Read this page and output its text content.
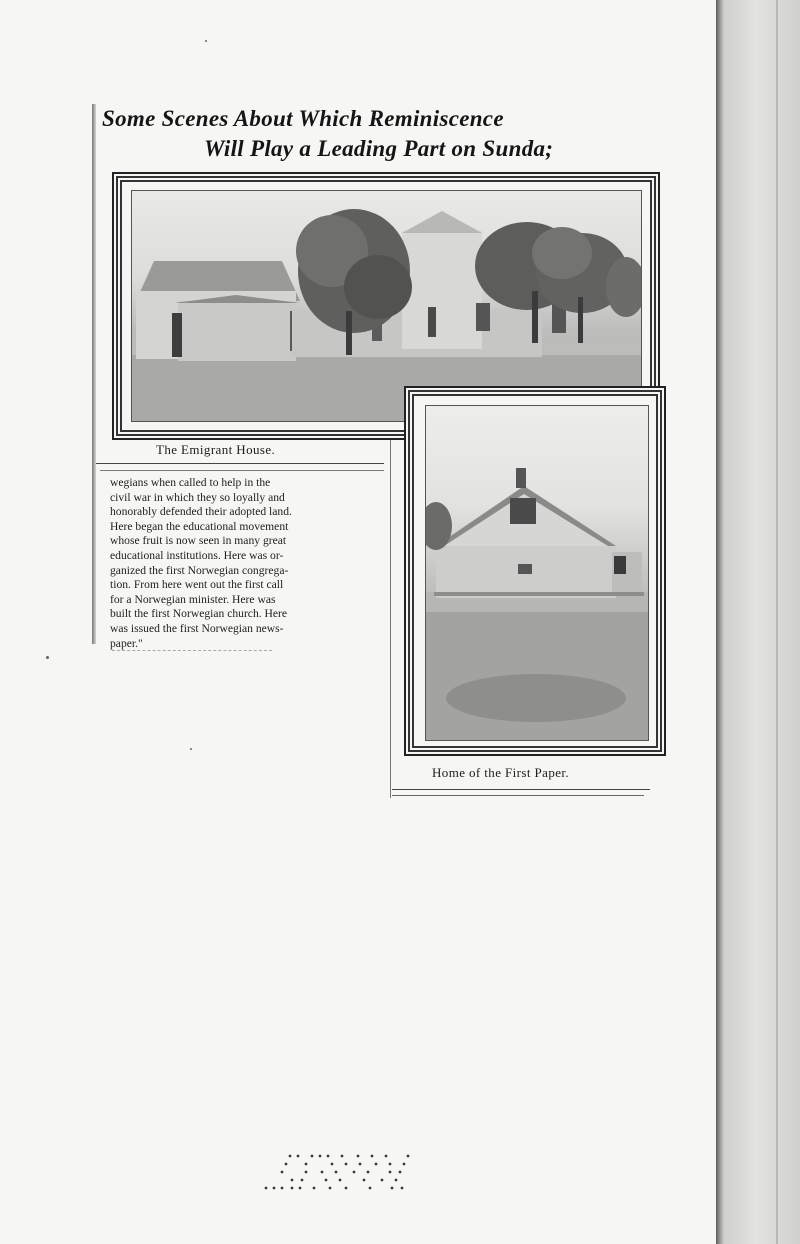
Some Scenes About Which Reminiscence
Will Play a Leading Part on Sunda;
The Emigrant House.
Home of the First Paper.
wegians when called to help in the
civil war in which they so loyally and
honorably defended their adopted land.
Here began the educational movement
whose fruit is now seen in many great
educational institutions. Here was or-
ganized the first Norwegian congrega-
tion. From here went out the first call
for a Norwegian minister. Here was
built the first Norwegian church. Here
was issued the first Norwegian news-
paper."
